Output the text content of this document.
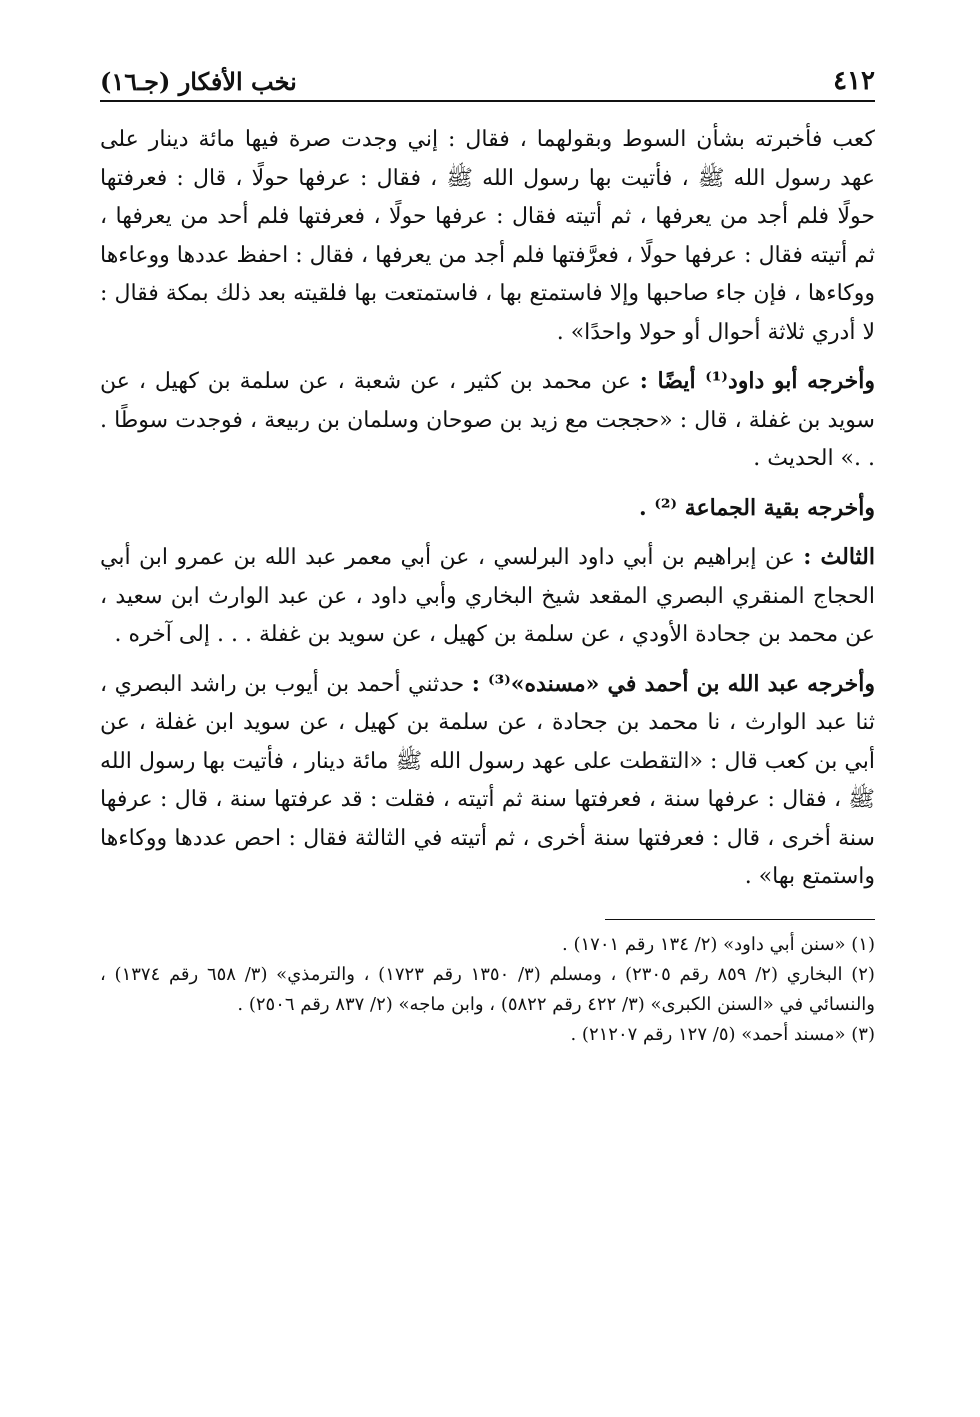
٤١٢
نخب الأفكار (جـ١٦)

كعب فأخبرته بشأن السوط وبقولهما ، فقال : إني وجدت صرة فيها مائة دينار على عهد رسول الله ﷺ ، فأتيت بها رسول الله ﷺ ، فقال : عرفها حولًا ، قال : فعرفتها حولًا فلم أجد من يعرفها ، ثم أتيته فقال : عرفها حولًا ، فعرفتها فلم أحد من يعرفها ، ثم أتيته فقال : عرفها حولًا ، فعرَّفتها فلم أجد من يعرفها ، فقال : احفظ عددها ووعاءها ووكاءها ، فإن جاء صاحبها وإلا فاستمتع بها ، فاستمتعت بها فلقيته بعد ذلك بمكة فقال : لا أدري ثلاثة أحوال أو حولا واحدًا» .

وأخرجه أبو داود⁽¹⁾ أيضًا : عن محمد بن كثير ، عن شعبة ، عن سلمة بن كهيل ، عن سويد بن غفلة ، قال : «حججت مع زيد بن صوحان وسلمان بن ربيعة ، فوجدت سوطًا . . .» الحديث .

وأخرجه بقية الجماعة ⁽²⁾ .

الثالث : عن إبراهيم بن أبي داود البرلسي ، عن أبي معمر عبد الله بن عمرو ابن أبي الحجاج المنقري البصري المقعد شيخ البخاري وأبي داود ، عن عبد الوارث ابن سعيد ، عن محمد بن جحادة الأودي ، عن سلمة بن كهيل ، عن سويد بن غفلة . . . إلى آخره .

وأخرجه عبد الله بن أحمد في «مسنده»⁽³⁾ : حدثني أحمد بن أيوب بن راشد البصري ، ثنا عبد الوارث ، نا محمد بن جحادة ، عن سلمة بن كهيل ، عن سويد ابن غفلة ، عن أبي بن كعب قال : «التقطت على عهد رسول الله ﷺ مائة دينار ، فأتيت بها رسول الله ﷺ ، فقال : عرفها سنة ، فعرفتها سنة ثم أتيته ، فقلت : قد عرفتها سنة ، قال : عرفها سنة أخرى ، قال : فعرفتها سنة أخرى ، ثم أتيته في الثالثة فقال : احص عددها ووكاءها واستمتع بها» .

(١) «سنن أبي داود» (٢/ ١٣٤ رقم ١٧٠١) .

(٢) البخاري (٢/ ٨٥٩ رقم ٢٣٠٥) ، ومسلم (٣/ ١٣٥٠ رقم ١٧٢٣) ، والترمذي» (٣/ ٦٥٨ رقم ١٣٧٤) ، والنسائي في «السنن الكبرى» (٣/ ٤٢٢ رقم ٥٨٢٢) ، وابن ماجه» (٢/ ٨٣٧ رقم ٢٥٠٦) .

(٣) «مسند أحمد» (٥/ ١٢٧ رقم ٢١٢٠٧) .
